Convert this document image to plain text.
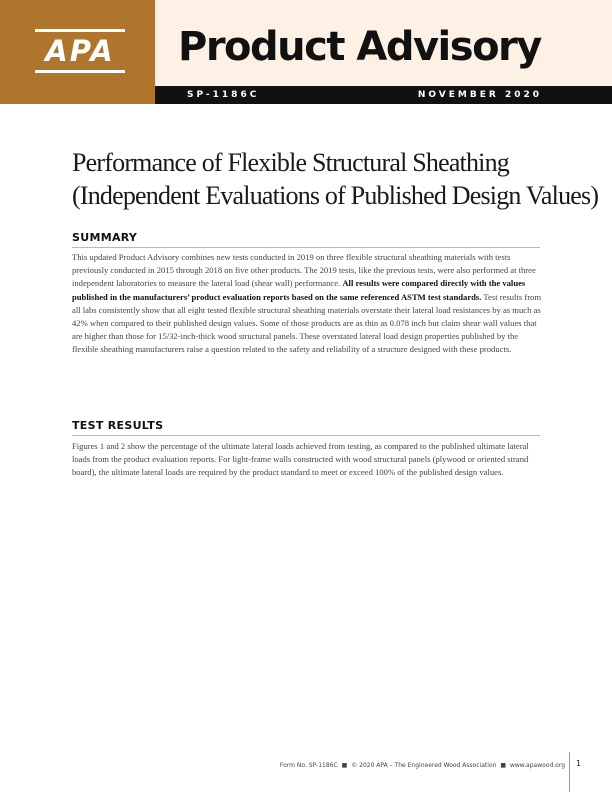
APA Product Advisory
SP-1186C	NOVEMBER 2020
Performance of Flexible Structural Sheathing
(Independent Evaluations of Published Design Values)
SUMMARY

This updated Product Advisory combines new tests conducted in 2019 on three flexible structural sheathing materials with tests previously conducted in 2015 through 2018 on five other products. The 2019 tests, like the previous tests, were also performed at three independent laboratories to measure the lateral load (shear wall) performance. All results were compared directly with the values published in the manufacturers’ product evaluation reports based on the same referenced ASTM test standards. Test results from all labs consistently show that all eight tested flexible structural sheathing materials overstate their lateral load resistances by as much as 42% when compared to their published design values. Some of those products are as thin as 0.078 inch but claim shear wall values that are higher than those for 15/32-inch-thick wood structural panels. These overstated lateral load design properties published by the flexible sheathing manufacturers raise a question related to the safety and reliability of a structure designed with these products.

TEST RESULTS

Figures 1 and 2 show the percentage of the ultimate lateral loads achieved from testing, as compared to the published ultimate lateral loads from the product evaluation reports. For light-frame walls constructed with wood structural panels (plywood or oriented strand board), the ultimate lateral loads are required by the product standard to meet or exceed 100% of the published design values.

Form No. SP-1186C ■ © 2020 APA – The Engineered Wood Association ■ www.apawood.org 1
